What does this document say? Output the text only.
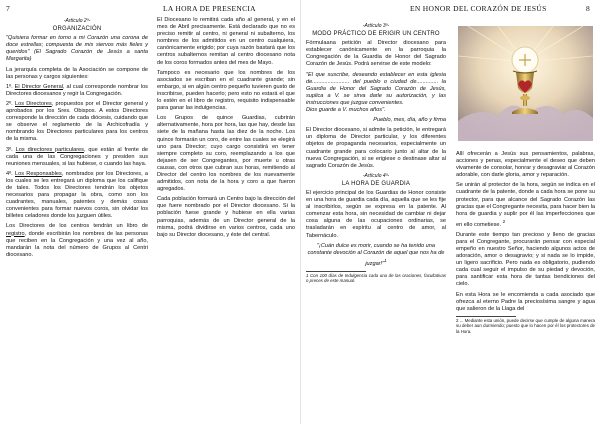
7	LA HORA DE PRESENCIA	EN HONOR DEL CORAZÓN DE JESÚS	8
-Artículo 2º-
ORGANIZACIÓN

"Quisiera formar en torno a mi Corazón una corona de doce estrellas; compuesta de mis siervos más fieles y queridos" (El Sagrado Corazón de Jesús a santa Margarita)

La jerarquía completa de la Asociación se compone de las personas y cargos siguientes:

1º. El Director General, al cual corresponde nombrar los Directores diocesanos y regir la Congregación.

2º. Los Directores, propuestos por el Director general y aprobados por los Sres. Obispos. A estos Directores corresponde la dirección de cada diócesis, cuidando que se observe el reglamento de la Archicofradía y nombrando los Directores particulares para los centros de la misma.

3º. Los directores particulares, que están al frente de cada una de las Congregaciones y presiden sus reuniones mensuales, si las hubiese, o cuando las haya.

4º. Los Responsables, nombrados por los Directores, a los cuales se les entregará un diploma que los califique de tales. Todos los Directores tendrán los objetos necesarios para propagar la obra, como son los cuadrantes, manuales, patentes y demás cosas convenientes para formar nuevos coros, sin olvidar los billetes celadores donde los juzguen útiles.

Los Directores de los centros tendrán un libro de registro, donde escribirán los nombres de las personas que reciben en la Congregación y una vez al año, mandarán la nota del número de Grupos al Centri diocesano.

El Diocesano lo remitirá cada año al general, y en el mes de Abril precisamente. Está declarado que no es preciso remitir al centro, ni general ni subalterno, los nombres de los admitidos en un centro cualquiera, canónicamente erigido; por cuya razón bastará que los centros subalternos remitan al centro diocesano nota de los coros formados antes del mes de Mayo.

Tampoco es necesario que los nombres de los asociados se escriban en el cuadrante grande; sin embargo, si en algún centro pequeño tuvieren gusto de inscribirse, pueden hacerlo; pero esto no estará el que lo estén en el libro de registro, requisito indispensable para ganar las indulgencias.

Los Grupos de quince Guardias, cubrirán alternativamente, hora por hora, las que hay, desde las siete de la mañana hasta las diez de la noche. Los quince formarán un coro, de entre las cuales se elegirá uno para Director; cuyo cargo consistirá en tener siempre completo su coro, reemplazando a los que dejasen de ser Congregantes, por muerte u otras causas, con otros que cubran sus horas, remitiendo al Director del centro los nombres de los nuevamente admitidos, con nota de la hora y coro a que fueron agregados.

Cada población formará un Centro bajo la dirección del que fuere nombrado por el Director diocesano. Si la población fuese grande y hubiese en ella varias parroquias, además de un Director general de la misma, podrá dividirse en varios centros, cada uno bajo su Director diocesano, y éste del central.

-Artículo 3º-
MODO PRÁCTICO DE ERIGIR UN CENTRO

Fórmulaana petición al Director diocesano para establecer canónicamente en la parroquia la Congregación de la Guardia de Honor del Sagrado Corazón de Jesús. Podrá servirse de este modelo:

"El que suscribe, deseando establecer en esta iglesia de........................ del pueblo o ciudad de.............. la Guardia de Honor del Sagrado Corazón de Jesús, suplica a V. se sirva darle su autorización, y las instrucciones que juzgue convenientes.
Dios guarde a V. muchos años".

Pueblo, mes, día, año y firma

El Director diocesano, si admite la petición, le entregará un diploma de Director particular, y los diferentes objetos de propaganda necesarios, especialmente un cuadrante grande para colocario junto al altar de la nueva Congregación, si se erigiese o destinase altar al sagrado Corazón de Jesús.

-Artículo 4º-
LA HORA DE GUARDIA

El ejercicio principal de los Guardias de Honor consiste en una hora de guardia cada día, aquella que se les fije al inscribirlos, según se expresa en la patente. Al comenzar esta hora, sin necesidad de cambiar ni dejar cosa alguna de las ocupaciones ordinarias, se trasladarán en espíritu al centro de amor, al Tabernáculo.

"¡Cuán dulce es morir, cuando se ha tenido una constante devoción al Corazón de aquel que nos ha de juzgar!"$^1$

1 Con 100 días de Indulgencia cada una de las oraciones, facultativas o preces de este manual.

Allí ofrecerán a Jesús sus pensamientos, palabras, acciones y penas, especialmente el deseo que deben vivamente de consolar, honrar y desagraviar al Corazón adorable, con darle gloria, amor y reparación.

Se unirán al protector de la hora, según se indica en el cuadrante de la patente, donde a cada hora se pone su protector, para que alcance del Sagrado Corazón las gracias que el Congregante necesita, para hacer bien la hora de guardia y suplir por él las imperfecciones que en ello cometiese. $^2$

Durante este tiempo tan precioso y lleno de gracias para el Congregante, procurarán pensar con especial empeño en nuestro Señor, haciendo algunos actos de adoración, amor o desagravio; y si nada se lo impide, un ligero sacrificio. Pero nada es obligatorio, pudiendo cada cual seguir el impulso de su piedad y devoción, para santificar esta hora de tantas bendiciones del cielo.

En esta Hora se le encomienda a cada asociado que ofrezca al eterno Padre la preciosísima sangre y agua que salieron de la Llaga del

2 ... Mediante esta unión, puede decirse que cumple de alguna manera su deber aun durmiendo; puesto que lo hacen por él los protectores de la Hora.
